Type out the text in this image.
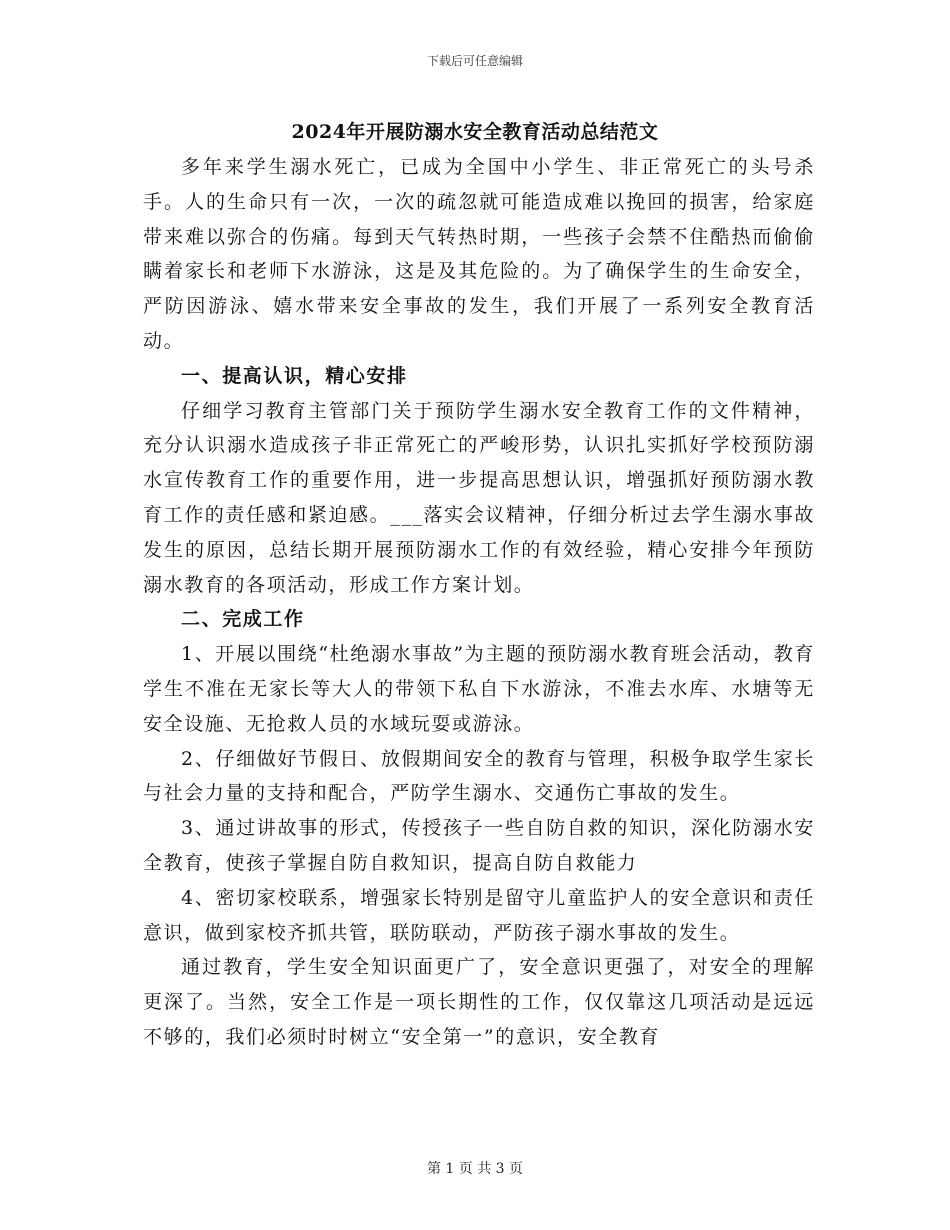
下载后可任意编辑
2024年开展防溺水安全教育活动总结范文

多年来学生溺水死亡，已成为全国中小学生、非正常死亡的头号杀手。人的生命只有一次，一次的疏忽就可能造成难以挽回的损害，给家庭带来难以弥合的伤痛。每到天气转热时期，一些孩子会禁不住酷热而偷偷瞒着家长和老师下水游泳，这是及其危险的。为了确保学生的生命安全，严防因游泳、嬉水带来安全事故的发生，我们开展了一系列安全教育活动。

一、提高认识，精心安排

仔细学习教育主管部门关于预防学生溺水安全教育工作的文件精神，充分认识溺水造成孩子非正常死亡的严峻形势，认识扎实抓好学校预防溺水宣传教育工作的重要作用，进一步提高思想认识，增强抓好预防溺水教育工作的责任感和紧迫感。___落实会议精神，仔细分析过去学生溺水事故发生的原因，总结长期开展预防溺水工作的有效经验，精心安排今年预防溺水教育的各项活动，形成工作方案计划。

二、完成工作

1、开展以围绕“杜绝溺水事故”为主题的预防溺水教育班会活动，教育学生不准在无家长等大人的带领下私自下水游泳，不准去水库、水塘等无安全设施、无抢救人员的水域玩耍或游泳。

2、仔细做好节假日、放假期间安全的教育与管理，积极争取学生家长与社会力量的支持和配合，严防学生溺水、交通伤亡事故的发生。

3、通过讲故事的形式，传授孩子一些自防自救的知识，深化防溺水安全教育，使孩子掌握自防自救知识，提高自防自救能力

4、密切家校联系，增强家长特别是留守儿童监护人的安全意识和责任意识，做到家校齐抓共管，联防联动，严防孩子溺水事故的发生。

通过教育，学生安全知识面更广了，安全意识更强了，对安全的理解更深了。当然，安全工作是一项长期性的工作，仅仅靠这几项活动是远远不够的，我们必须时时树立“安全第一”的意识，安全教育

第 1 页 共 3 页
